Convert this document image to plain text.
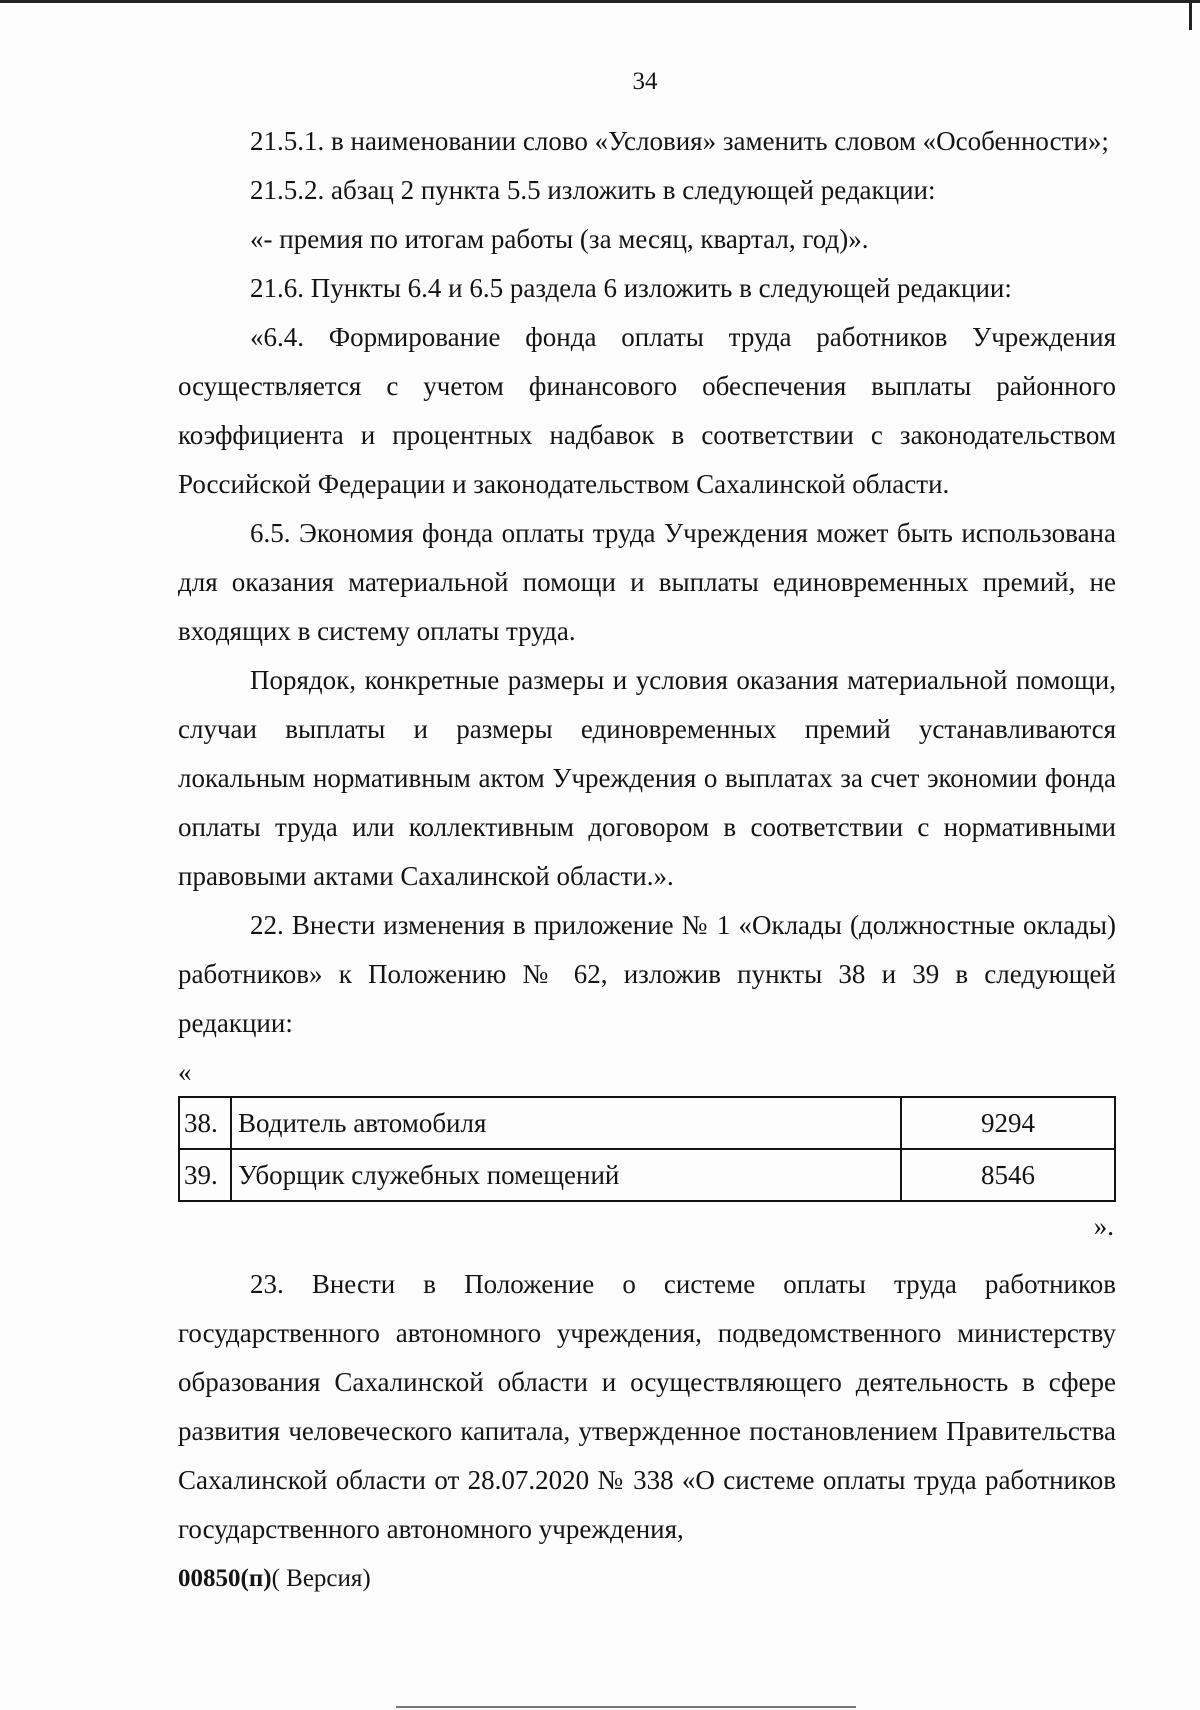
34

21.5.1. в наименовании слово «Условия» заменить словом «Особенности»;

21.5.2. абзац 2 пункта 5.5 изложить в следующей редакции:

«- премия по итогам работы (за месяц, квартал, год)».

21.6. Пункты 6.4 и 6.5 раздела 6 изложить в следующей редакции:

«6.4. Формирование фонда оплаты труда работников Учреждения осуществляется с учетом финансового обеспечения выплаты районного коэффициента и процентных надбавок в соответствии с законодательством Российской Федерации и законодательством Сахалинской области.

6.5. Экономия фонда оплаты труда Учреждения может быть использована для оказания материальной помощи и выплаты единовременных премий, не входящих в систему оплаты труда.

Порядок, конкретные размеры и условия оказания материальной помощи, случаи выплаты и размеры единовременных премий устанавливаются локальным нормативным актом Учреждения о выплатах за счет экономии фонда оплаты труда или коллективным договором в соответствии с нормативными правовыми актами Сахалинской области.».

22. Внести изменения в приложение № 1 «Оклады (должностные оклады) работников» к Положению № 62, изложив пункты 38 и 39 в следующей редакции:

«

38.	Водитель автомобиля	9294
39.	Уборщик служебных помещений	8546

».

23. Внести в Положение о системе оплаты труда работников государственного автономного учреждения, подведомственного министерству образования Сахалинской области и осуществляющего деятельность в сфере развития человеческого капитала, утвержденное постановлением Правительства Сахалинской области от 28.07.2020 № 338 «О системе оплаты труда работников государственного автономного учреждения,

00850(п)( Версия)
